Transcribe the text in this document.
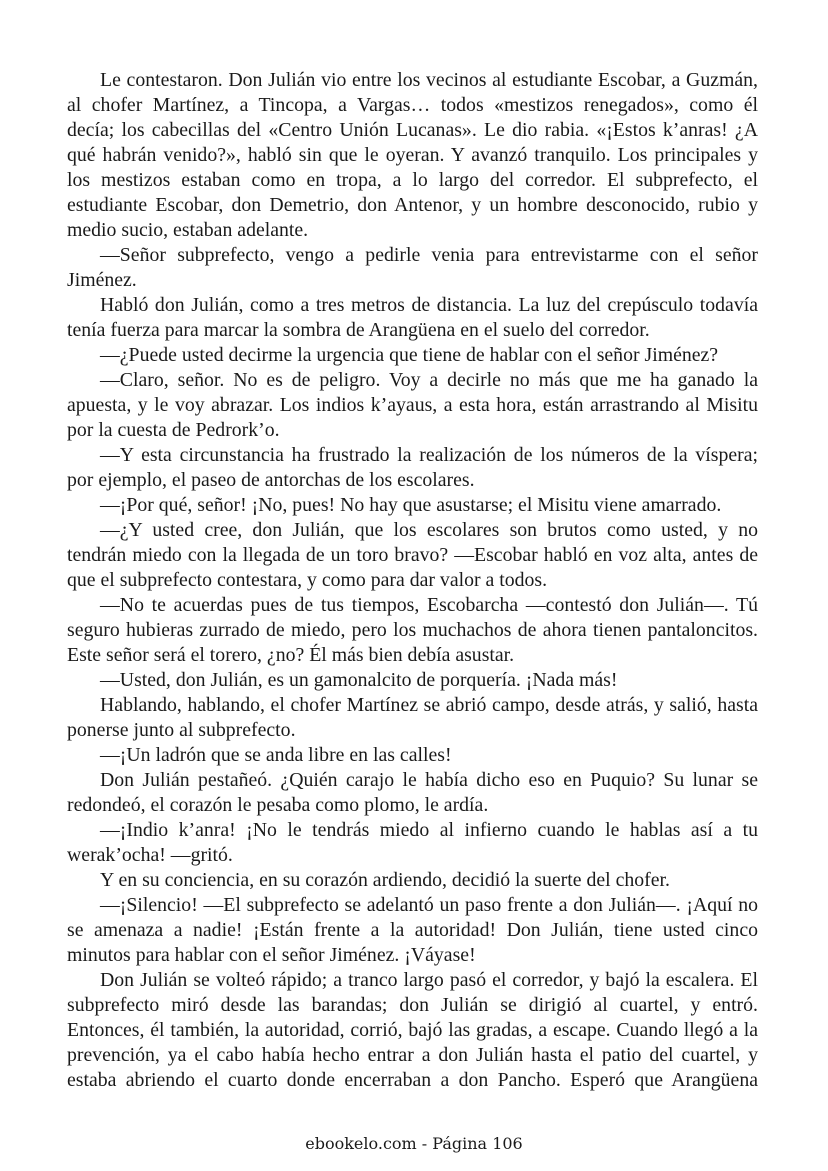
Le contestaron. Don Julián vio entre los vecinos al estudiante Escobar, a Guzmán,
al chofer Martínez, a Tincopa, a Vargas… todos «mestizos renegados», como él
decía; los cabecillas del «Centro Unión Lucanas». Le dio rabia. «¡Estos k’anras! ¿A
qué habrán venido?», habló sin que le oyeran. Y avanzó tranquilo. Los principales y
los mestizos estaban como en tropa, a lo largo del corredor. El subprefecto, el
estudiante Escobar, don Demetrio, don Antenor, y un hombre desconocido, rubio y
medio sucio, estaban adelante.
—Señor subprefecto, vengo a pedirle venia para entrevistarme con el señor
Jiménez.
Habló don Julián, como a tres metros de distancia. La luz del crepúsculo todavía
tenía fuerza para marcar la sombra de Arangüena en el suelo del corredor.
—¿Puede usted decirme la urgencia que tiene de hablar con el señor Jiménez?
—Claro, señor. No es de peligro. Voy a decirle no más que me ha ganado la
apuesta, y le voy abrazar. Los indios k’ayaus, a esta hora, están arrastrando al Misitu
por la cuesta de Pedrork’o.
—Y esta circunstancia ha frustrado la realización de los números de la víspera;
por ejemplo, el paseo de antorchas de los escolares.
—¡Por qué, señor! ¡No, pues! No hay que asustarse; el Misitu viene amarrado.
—¿Y usted cree, don Julián, que los escolares son brutos como usted, y no
tendrán miedo con la llegada de un toro bravo? —Escobar habló en voz alta, antes de
que el subprefecto contestara, y como para dar valor a todos.
—No te acuerdas pues de tus tiempos, Escobarcha —contestó don Julián—. Tú
seguro hubieras zurrado de miedo, pero los muchachos de ahora tienen pantaloncitos.
Este señor será el torero, ¿no? Él más bien debía asustar.
—Usted, don Julián, es un gamonalcito de porquería. ¡Nada más!
Hablando, hablando, el chofer Martínez se abrió campo, desde atrás, y salió, hasta
ponerse junto al subprefecto.
—¡Un ladrón que se anda libre en las calles!
Don Julián pestañeó. ¿Quién carajo le había dicho eso en Puquio? Su lunar se
redondeó, el corazón le pesaba como plomo, le ardía.
—¡Indio k’anra! ¡No le tendrás miedo al infierno cuando le hablas así a tu
werak’ocha! —gritó.
Y en su conciencia, en su corazón ardiendo, decidió la suerte del chofer.
—¡Silencio! —El subprefecto se adelantó un paso frente a don Julián—. ¡Aquí no
se amenaza a nadie! ¡Están frente a la autoridad! Don Julián, tiene usted cinco
minutos para hablar con el señor Jiménez. ¡Váyase!
Don Julián se volteó rápido; a tranco largo pasó el corredor, y bajó la escalera. El
subprefecto miró desde las barandas; don Julián se dirigió al cuartel, y entró.
Entonces, él también, la autoridad, corrió, bajó las gradas, a escape. Cuando llegó a la
prevención, ya el cabo había hecho entrar a don Julián hasta el patio del cuartel, y
estaba abriendo el cuarto donde encerraban a don Pancho. Esperó que Arangüena
ebookelo.com - Página 106
